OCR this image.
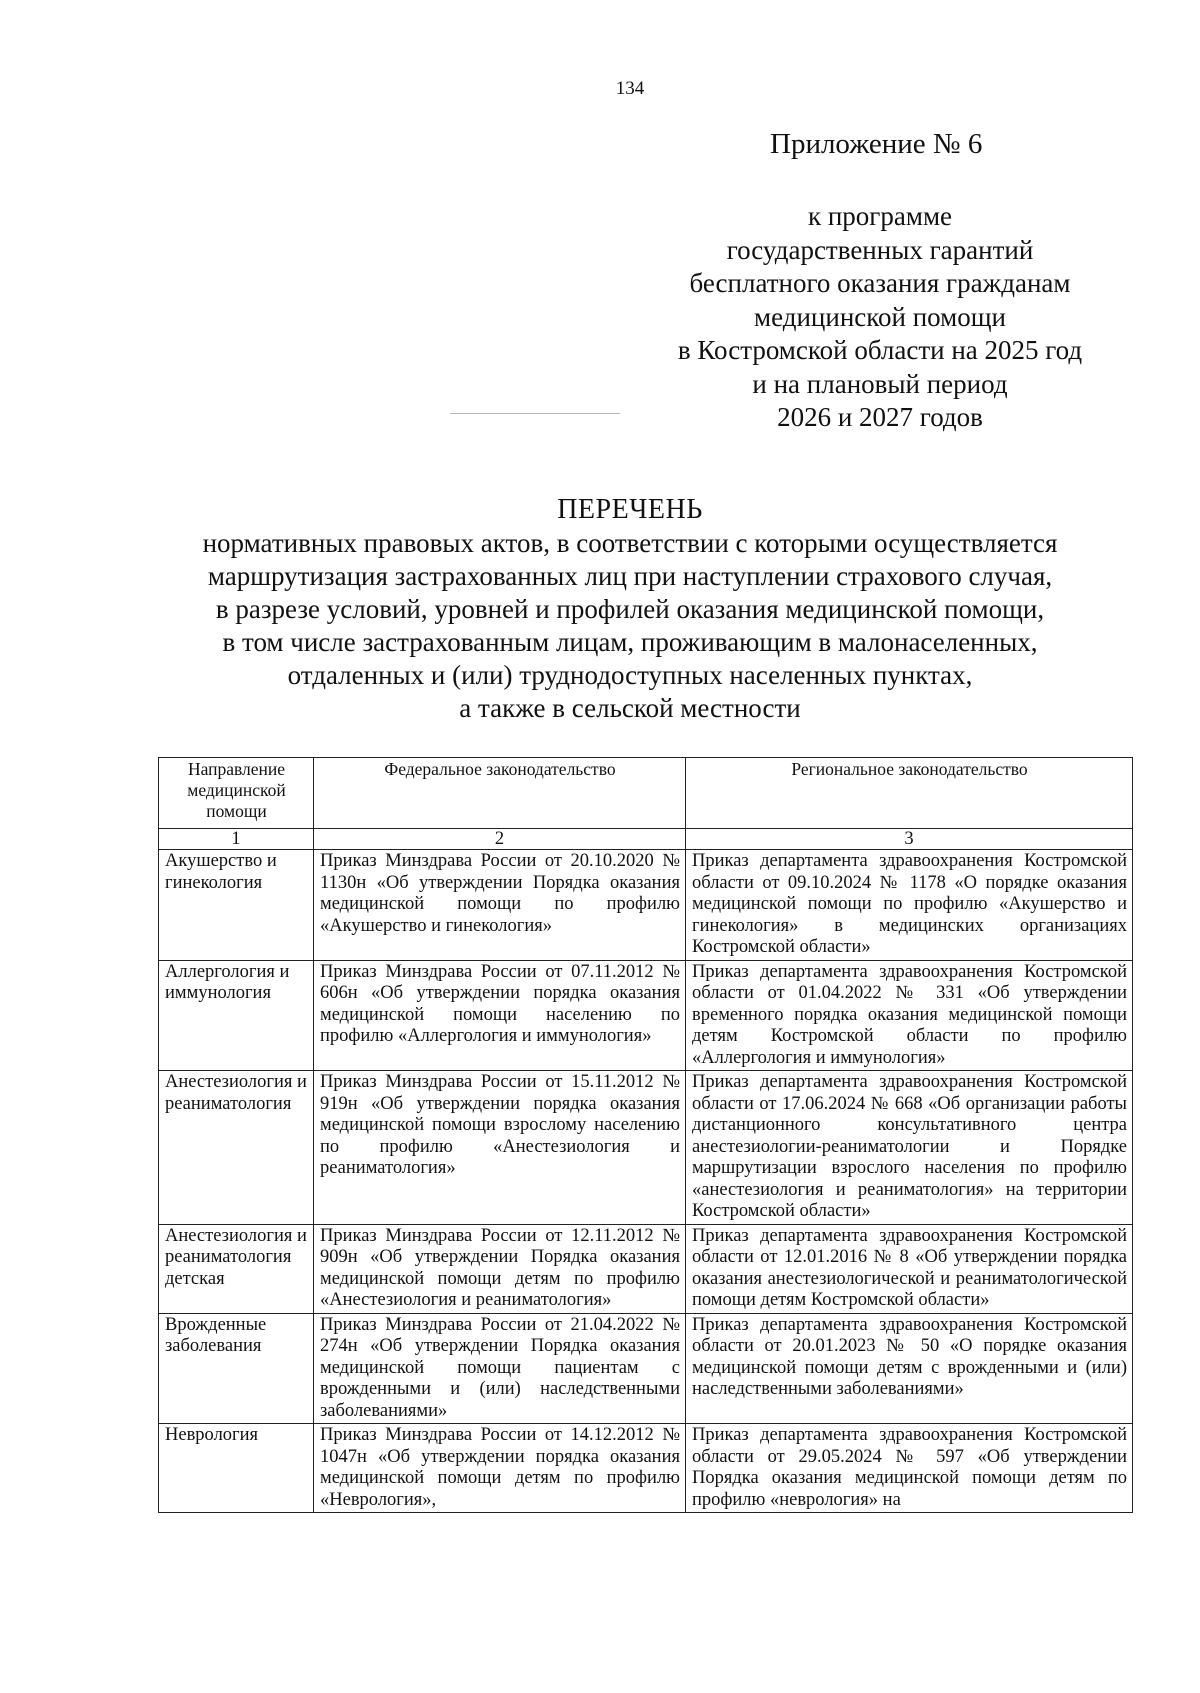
134
Приложение № 6
к программе
государственных гарантий
бесплатного оказания гражданам
медицинской помощи
в Костромской области на 2025 год
и на плановый период
2026 и 2027 годов
ПЕРЕЧЕНЬ
нормативных правовых актов, в соответствии с которыми осуществляется
маршрутизация застрахованных лиц при наступлении страхового случая,
в разрезе условий, уровней и профилей оказания медицинской помощи,
в том числе застрахованным лицам, проживающим в малонаселенных,
отдаленных и (или) труднодоступных населенных пунктах,
а также в сельской местности
Направление медицинской помощи	Федеральное законодательство	Региональное законодательство
1	2	3
Акушерство и гинекология	Приказ Минздрава России от 20.10.2020 № 1130н «Об утверждении Порядка оказания медицинской помощи по профилю «Акушерство и гинекология»	Приказ департамента здравоохранения Костромской области от 09.10.2024 № 1178 «О порядке оказания медицинской помощи по профилю «Акушерство и гинекология» в медицинских организациях Костромской области»
Аллергология и иммунология	Приказ Минздрава России от 07.11.2012 № 606н «Об утверждении порядка оказания медицинской помощи населению по профилю «Аллергология и иммунология»	Приказ департамента здравоохранения Костромской области от 01.04.2022 № 331 «Об утверждении временного порядка оказания медицинской помощи детям Костромской области по профилю «Аллергология и иммунология»
Анестезиология и реаниматология	Приказ Минздрава России от 15.11.2012 № 919н «Об утверждении порядка оказания медицинской помощи взрослому населению по профилю «Анестезиология и реаниматология»	Приказ департамента здравоохранения Костромской области от 17.06.2024 № 668 «Об организации работы дистанционного консультативного центра анестезиологии-реаниматологии и Порядке маршрутизации взрослого населения по профилю «анестезиология и реаниматология» на территории Костромской области»
Анестезиология и реаниматология детская	Приказ Минздрава России от 12.11.2012 № 909н «Об утверждении Порядка оказания медицинской помощи детям по профилю «Анестезиология и реаниматология»	Приказ департамента здравоохранения Костромской области от 12.01.2016 № 8 «Об утверждении порядка оказания анестезиологической и реаниматологической помощи детям Костромской области»
Врожденные заболевания	Приказ Минздрава России от 21.04.2022 № 274н «Об утверждении Порядка оказания медицинской помощи пациентам с врожденными и (или) наследственными заболеваниями»	Приказ департамента здравоохранения Костромской области от 20.01.2023 № 50 «О порядке оказания медицинской помощи детям с врожденными и (или) наследственными заболеваниями»
Неврология	Приказ Минздрава России от 14.12.2012 № 1047н «Об утверждении порядка оказания медицинской помощи детям по профилю «Неврология»,	Приказ департамента здравоохранения Костромской области от 29.05.2024 № 597 «Об утверждении Порядка оказания медицинской помощи детям по профилю «неврология» на
